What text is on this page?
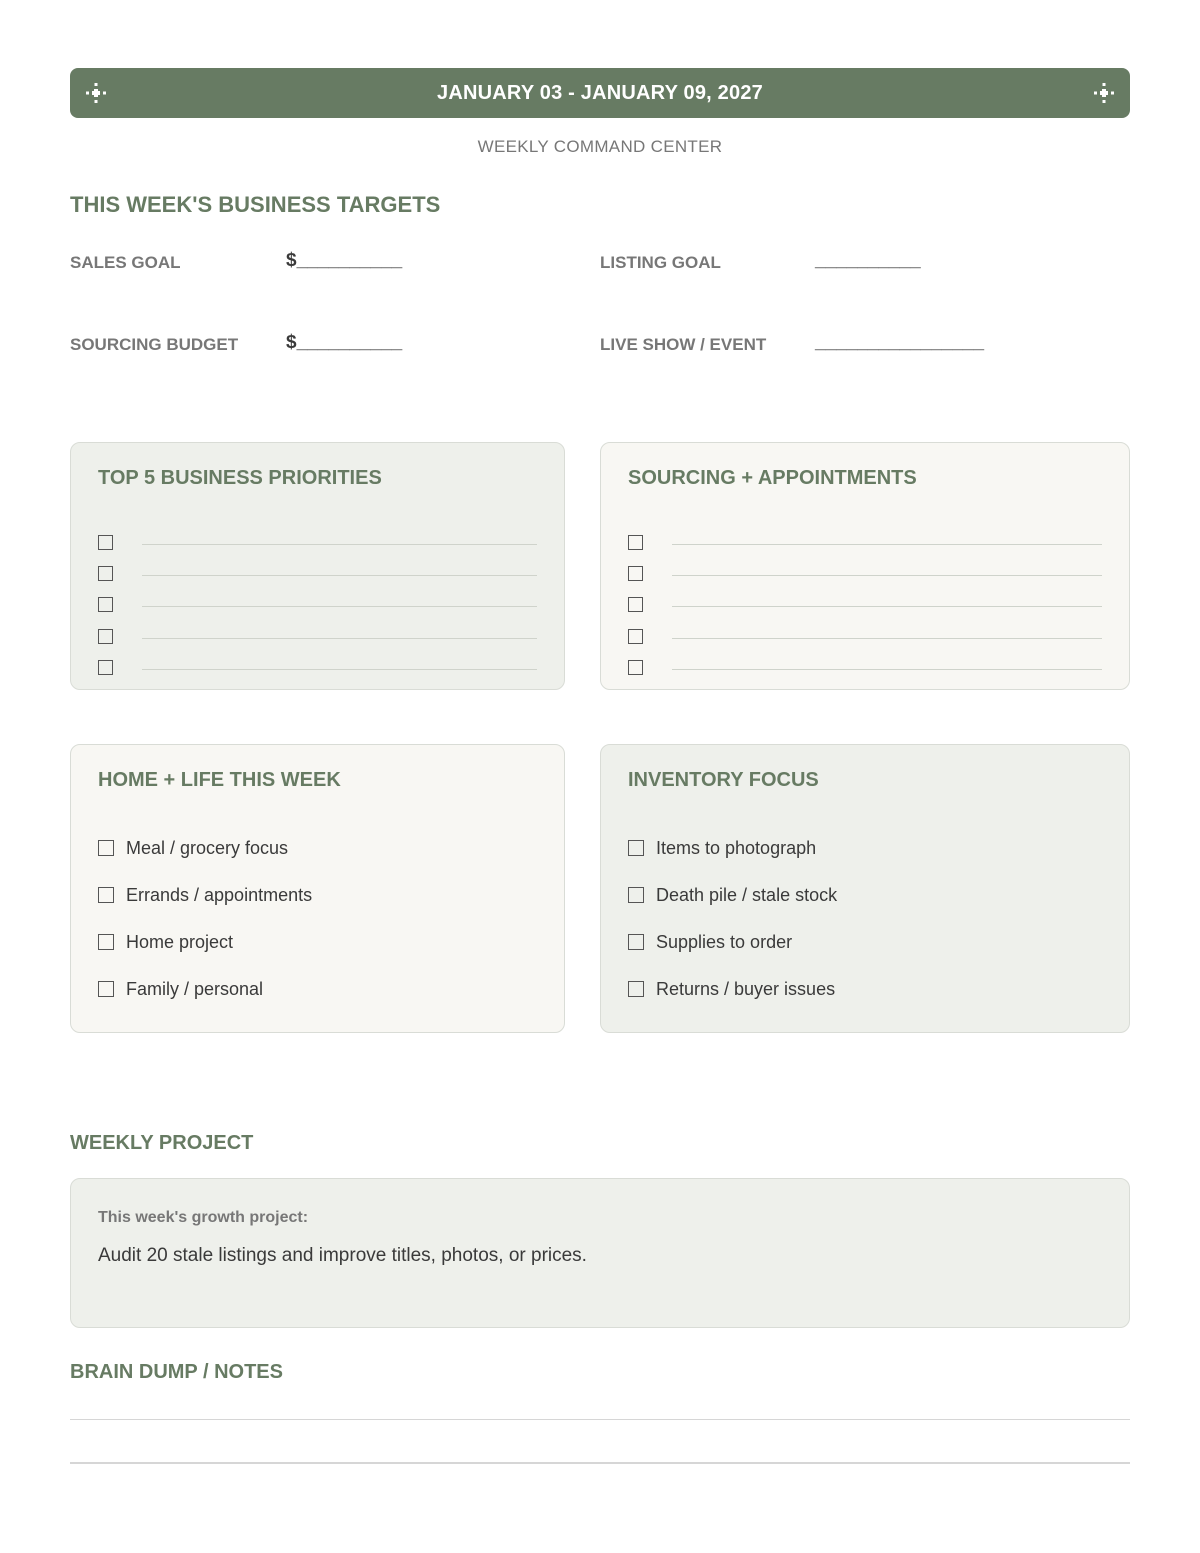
JANUARY 03 - JANUARY 09, 2027
WEEKLY COMMAND CENTER
THIS WEEK'S BUSINESS TARGETS
SALES GOAL	$__________	LISTING GOAL	__________
SOURCING BUDGET	$__________	LIVE SHOW / EVENT	________________
TOP 5 BUSINESS PRIORITIES	SOURCING + APPOINTMENTS
HOME + LIFE THIS WEEK
Meal / grocery focus
Errands / appointments
Home project
Family / personal
INVENTORY FOCUS
Items to photograph
Death pile / stale stock
Supplies to order
Returns / buyer issues
WEEKLY PROJECT
This week's growth project:
Audit 20 stale listings and improve titles, photos, or prices.
BRAIN DUMP / NOTES
